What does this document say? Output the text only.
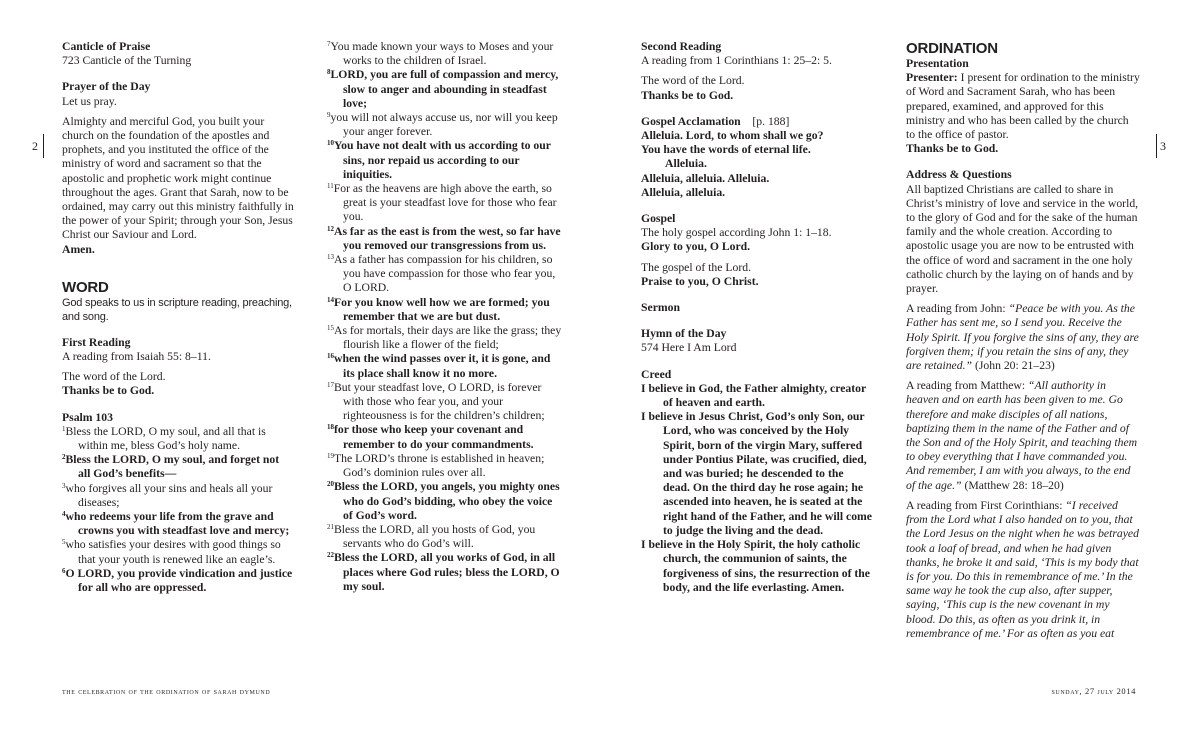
2	3
Canticle of Praise
723 Canticle of the Turning
Prayer of the Day
Let us pray.
Almighty and merciful God, you built your church on the foundation of the apostles and prophets, and you instituted the office of the ministry of word and sacrament so that the apostolic and prophetic work might continue throughout the ages. Grant that Sarah, now to be ordained, may carry out this ministry faithfully in the power of your Spirit; through your Son, Jesus Christ our Saviour and Lord.
Amen.
WORD
God speaks to us in scripture reading, preaching, and song.
First Reading
A reading from Isaiah 55: 8–11.
The word of the Lord.
Thanks be to God.
Psalm 103

$^1$Bless the LORD, O my soul, and all that is within me, bless God’s holy name.

$^2$Bless the LORD, O my soul, and forget not all God’s benefits—

$^3$who forgives all your sins and heals all your diseases;

$^4$who redeems your life from the grave and crowns you with steadfast love and mercy;

$^5$who satisfies your desires with good things so that your youth is renewed like an eagle’s.

$^6$O LORD, you provide vindication and justice for all who are oppressed.

$^7$You made known your ways to Moses and your works to the children of Israel.

$^8$LORD, you are full of compassion and mercy, slow to anger and abounding in steadfast love;

$^9$you will not always accuse us, nor will you keep your anger forever.

$^{10}$You have not dealt with us according to our sins, nor repaid us according to our iniquities.

$^{11}$For as the heavens are high above the earth, so great is your steadfast love for those who fear you.

$^{12}$As far as the east is from the west, so far have you removed our transgressions from us.

$^{13}$As a father has compassion for his children, so you have compassion for those who fear you, O LORD.

$^{14}$For you know well how we are formed; you remember that we are but dust.

$^{15}$As for mortals, their days are like the grass; they flourish like a flower of the field;

$^{16}$when the wind passes over it, it is gone, and its place shall know it no more.

$^{17}$But your steadfast love, O LORD, is forever with those who fear you, and your righteousness is for the children’s children;

$^{18}$for those who keep your covenant and remember to do your commandments.

$^{19}$The LORD’s throne is established in heaven; God’s dominion rules over all.

$^{20}$Bless the LORD, you angels, you mighty ones who do God’s bidding, who obey the voice of God’s word.

$^{21}$Bless the LORD, all you hosts of God, you servants who do God’s will.

$^{22}$Bless the LORD, all you works of God, in all places where God rules; bless the LORD, O my soul.

Second Reading
A reading from 1 Corinthians 1: 25–2: 5.
The word of the Lord.
Thanks be to God.
Gospel Acclamation [p. 188]
Alleluia. Lord, to whom shall we go?
You have the words of eternal life.
Alleluia.
Alleluia, alleluia. Alleluia.
Alleluia, alleluia.
Gospel
The holy gospel according John 1: 1–18.
Glory to you, O Lord.
The gospel of the Lord.
Praise to you, O Christ.
Sermon
Hymn of the Day
574 Here I Am Lord
Creed

I believe in God, the Father almighty, creator of heaven and earth.

I believe in Jesus Christ, God’s only Son, our Lord, who was conceived by the Holy Spirit, born of the virgin Mary, suffered under Pontius Pilate, was crucified, died, and was buried; he descended to the dead. On the third day he rose again; he ascended into heaven, he is seated at the right hand of the Father, and he will come to judge the living and the dead.

I believe in the Holy Spirit, the holy catholic church, the communion of saints, the forgiveness of sins, the resurrection of the body, and the life everlasting. Amen.

ORDINATION
Presentation
Presenter: I present for ordination to the ministry of Word and Sacrament Sarah, who has been prepared, examined, and approved for this ministry and who has been called by the church to the office of pastor.
Thanks be to God.
Address & Questions
All baptized Christians are called to share in Christ’s ministry of love and service in the world, to the glory of God and for the sake of the human family and the whole creation. According to apostolic usage you are now to be entrusted with the office of word and sacrament in the one holy catholic church by the laying on of hands and by prayer.
A reading from John: “Peace be with you. As the Father has sent me, so I send you. Receive the Holy Spirit. If you forgive the sins of any, they are forgiven them; if you retain the sins of any, they are retained.” (John 20: 21–23)
A reading from Matthew: “All authority in heaven and on earth has been given to me. Go therefore and make disciples of all nations, baptizing them in the name of the Father and of the Son and of the Holy Spirit, and teaching them to obey everything that I have commanded you. And remember, I am with you always, to the end of the age.” (Matthew 28: 18–20)
A reading from First Corinthians: “I received from the Lord what I also handed on to you, that the Lord Jesus on the night when he was betrayed took a loaf of bread, and when he had given thanks, he broke it and said, ‘This is my body that is for you. Do this in remembrance of me.’ In the same way he took the cup also, after supper, saying, ‘This cup is the new covenant in my blood. Do this, as often as you drink it, in remembrance of me.’ For as often as you eat
the celebration of the ordination of sarah dymund	sunday, 27 july 2014
